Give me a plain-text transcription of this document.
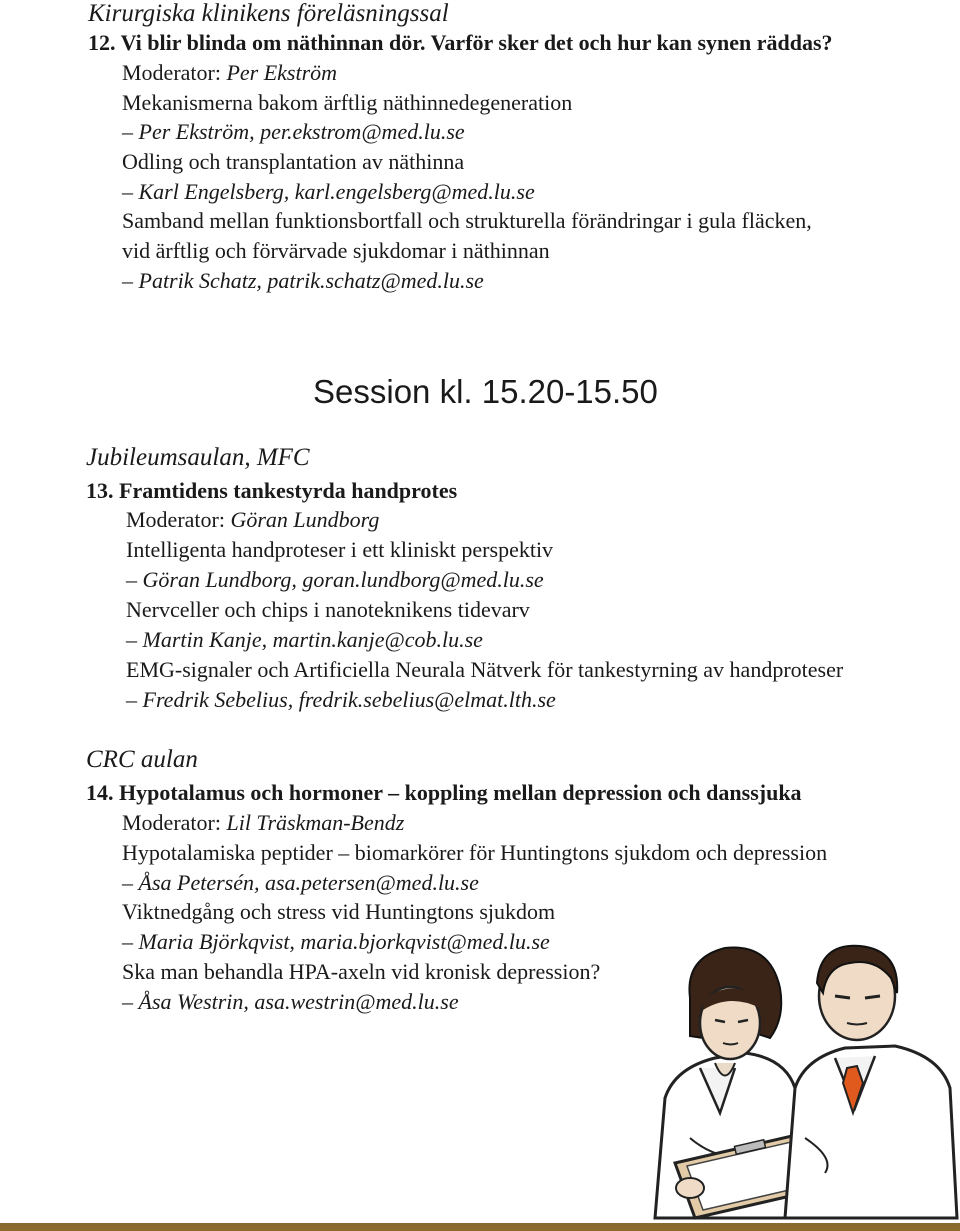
Kirurgiska klinikens föreläsningssal
12. Vi blir blinda om näthinnan dör. Varför sker det och hur kan synen räddas?
Moderator: Per Ekström
Mekanismerna bakom ärftlig näthinnedegeneration
– Per Ekström, per.ekstrom@med.lu.se
Odling och transplantation av näthinna
– Karl Engelsberg, karl.engelsberg@med.lu.se
Samband mellan funktionsbortfall och strukturella förändringar i gula fläcken,
vid ärftlig och förvärvade sjukdomar i näthinnan
– Patrik Schatz, patrik.schatz@med.lu.se
Session kl. 15.20-15.50
Jubileumsaulan, MFC
13. Framtidens tankestyrda handprotes
Moderator: Göran Lundborg
Intelligenta handproteser i ett kliniskt perspektiv
– Göran Lundborg, goran.lundborg@med.lu.se
Nervceller och chips i nanoteknikens tidevarv
– Martin Kanje, martin.kanje@cob.lu.se
EMG-signaler och Artificiella Neurala Nätverk för tankestyrning av handproteser
– Fredrik Sebelius, fredrik.sebelius@elmat.lth.se
CRC aulan
14. Hypotalamus och hormoner – koppling mellan depression och danssjuka
Moderator: Lil Träskman-Bendz
Hypotalamiska peptider – biomarkörer för Huntingtons sjukdom och depression
– Åsa Petersén, asa.petersen@med.lu.se
Viktnedgång och stress vid Huntingtons sjukdom
– Maria Björkqvist, maria.bjorkqvist@med.lu.se
Ska man behandla HPA-axeln vid kronisk depression?
– Åsa Westrin, asa.westrin@med.lu.se
